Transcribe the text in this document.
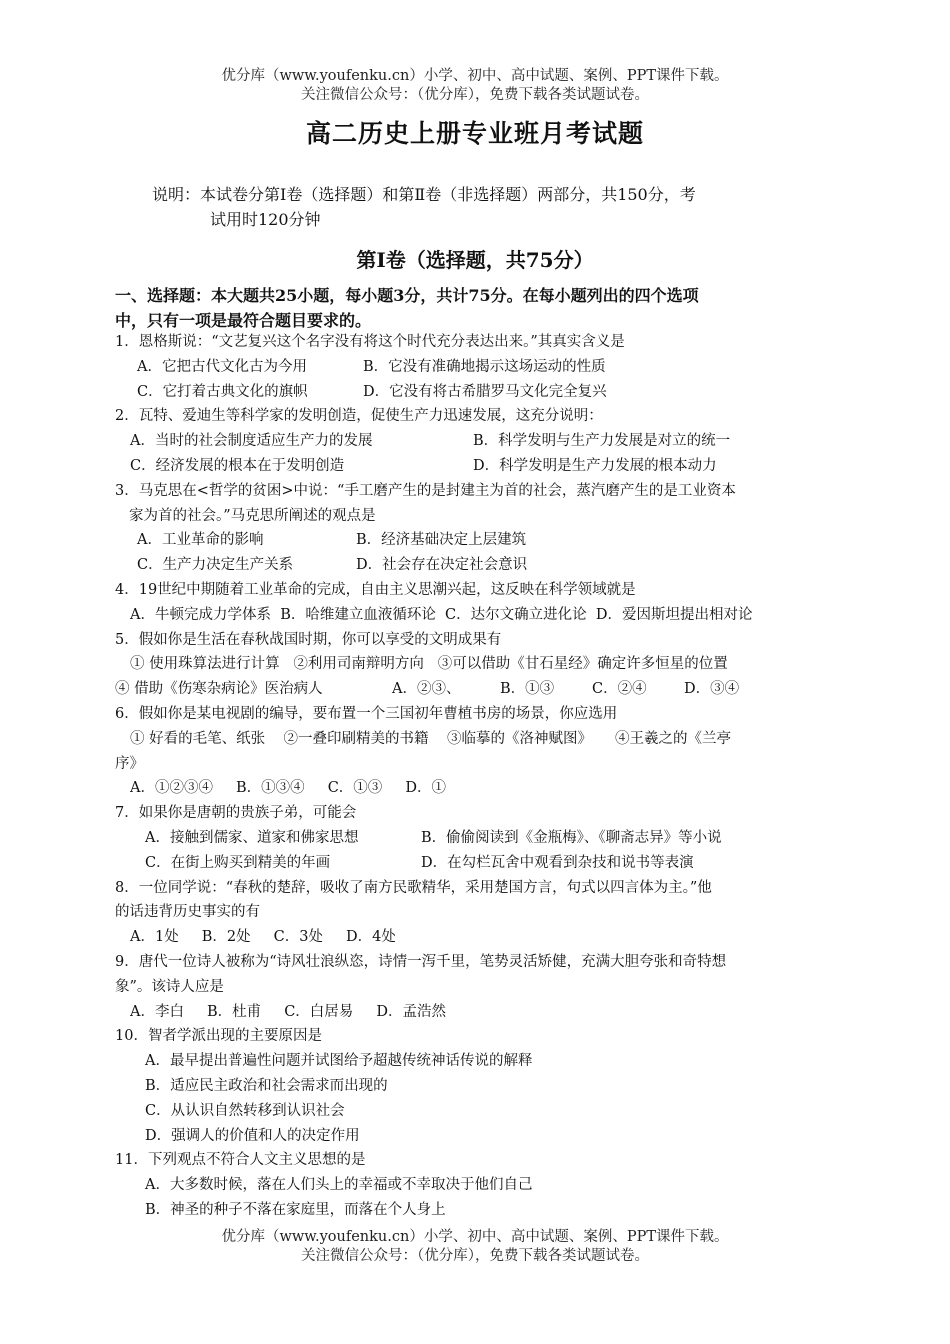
优分库（www.youfenku.cn）小学、初中、高中试题、案例、PPT课件下载。
关注微信公众号：（优分库），免费下载各类试题试卷。
高二历史上册专业班月考试题
说明：本试卷分第Ⅰ卷（选择题）和第Ⅱ卷（非选择题）两部分，共150分，考
试用时120分钟
第Ⅰ卷（选择题，共75分）
一、选择题：本大题共25小题，每小题3分，共计75分。在每小题列出的四个选项
中，只有一项是最符合题目要求的。
1．恩格斯说：“文艺复兴这个名字没有将这个时代充分表达出来。”其真实含义是
A．它把古代文化古为今用	B．它没有准确地揭示这场运动的性质
C．它打着古典文化的旗帜	D．它没有将古希腊罗马文化完全复兴
2．瓦特、爱迪生等科学家的发明创造，促使生产力迅速发展，这充分说明：
A．当时的社会制度适应生产力的发展	B．科学发明与生产力发展是对立的统一
C．经济发展的根本在于发明创造	D．科学发明是生产力发展的根本动力
3．马克思在<哲学的贫困>中说：“手工磨产生的是封建主为首的社会，蒸汽磨产生的是工业资本
家为首的社会。”马克思所阐述的观点是
A．工业革命的影响	B．经济基础决定上层建筑
C．生产力决定生产关系	D．社会存在决定社会意识
4．19世纪中期随着工业革命的完成，自由主义思潮兴起，这反映在科学领域就是
A．牛顿完成力学体系  B．哈维建立血液循环论  C．达尔文确立进化论  D．爱因斯坦提出相对论
5．假如你是生活在春秋战国时期，你可以享受的文明成果有
① 使用珠算法进行计算   ②利用司南辩明方向   ③可以借助《甘石星经》确定许多恒星的位置
④ 借助《伤寒杂病论》医治病人	A．②③、	B．①③	C．②④	D．③④
6．假如你是某电视剧的编导，要布置一个三国初年曹植书房的场景，你应选用
① 好看的毛笔、纸张    ②一叠印刷精美的书籍    ③临摹的《洛神赋图》     ④王羲之的《兰亭
序》
A．①②③④     B．①③④     C．①③     D．①
7．如果你是唐朝的贵族子弟，可能会
A．接触到儒家、道家和佛家思想	B．偷偷阅读到《金瓶梅》、《聊斋志异》等小说
C．在街上购买到精美的年画	D．在勾栏瓦舍中观看到杂技和说书等表演
8．一位同学说：“春秋的楚辞，吸收了南方民歌精华，采用楚国方言，句式以四言体为主。”他
的话违背历史事实的有
A．1处     B．2处     C．3处     D．4处
9．唐代一位诗人被称为“诗风壮浪纵恣，诗情一泻千里，笔势灵活矫健，充满大胆夸张和奇特想
象”。该诗人应是
A．李白     B．杜甫     C．白居易     D．孟浩然
10．智者学派出现的主要原因是
A．最早提出普遍性问题并试图给予超越传统神话传说的解释
B．适应民主政治和社会需求而出现的
C．从认识自然转移到认识社会
D．强调人的价值和人的决定作用
11．下列观点不符合人文主义思想的是
A．大多数时候，落在人们头上的幸福或不幸取决于他们自己
B．神圣的种子不落在家庭里，而落在个人身上
优分库（www.youfenku.cn）小学、初中、高中试题、案例、PPT课件下载。
关注微信公众号：（优分库），免费下载各类试题试卷。
